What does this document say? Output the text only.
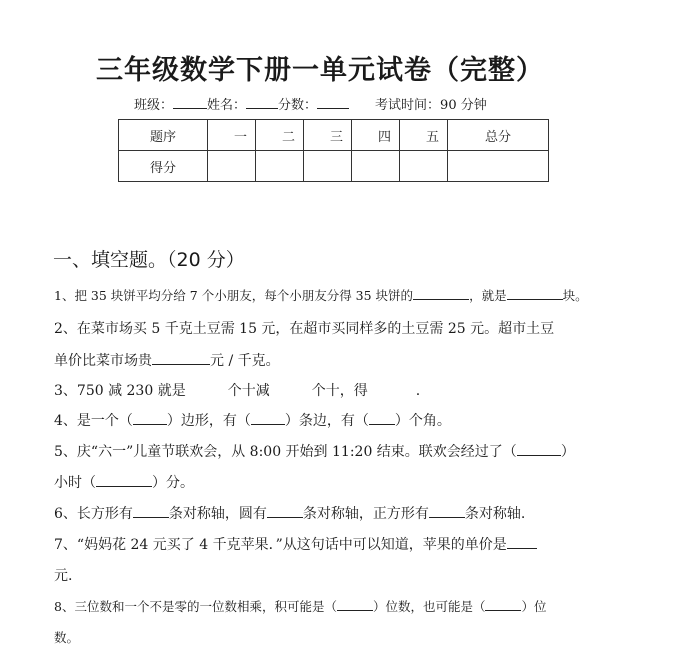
三年级数学下册一单元试卷（完整）
班级：	姓名： 分数：	考试时间：90 分钟
题序	一	二	三	四	五	总分
得分						
一、填空题。（20 分）
1、把 35 块饼平均分给 7 个小朋友，每个小朋友分得 35 块饼的	，就是	块。
2、在菜市场买 5 千克土豆需 15 元，在超市买同样多的土豆需 25 元。超市土豆
单价比菜市场贵	元 / 千克。
3、750 减 230 就是	个十减	个十，得	.
4、是一个（ ）边形，有（ ）条边，有（ ）个角。
5、庆“六一”儿童节联欢会，从 8:00 开始到 11:20 结束。联欢会经过了（	）
小时（	）分。
6、长方形有	条对称轴，圆有	条对称轴，正方形有	条对称轴.
7、“妈妈花 24 元买了 4 千克苹果．”从这句话中可以知道，苹果的单价是
元.
8、三位数和一个不是零的一位数相乘，积可能是（	）位数，也可能是（	）位
数。
